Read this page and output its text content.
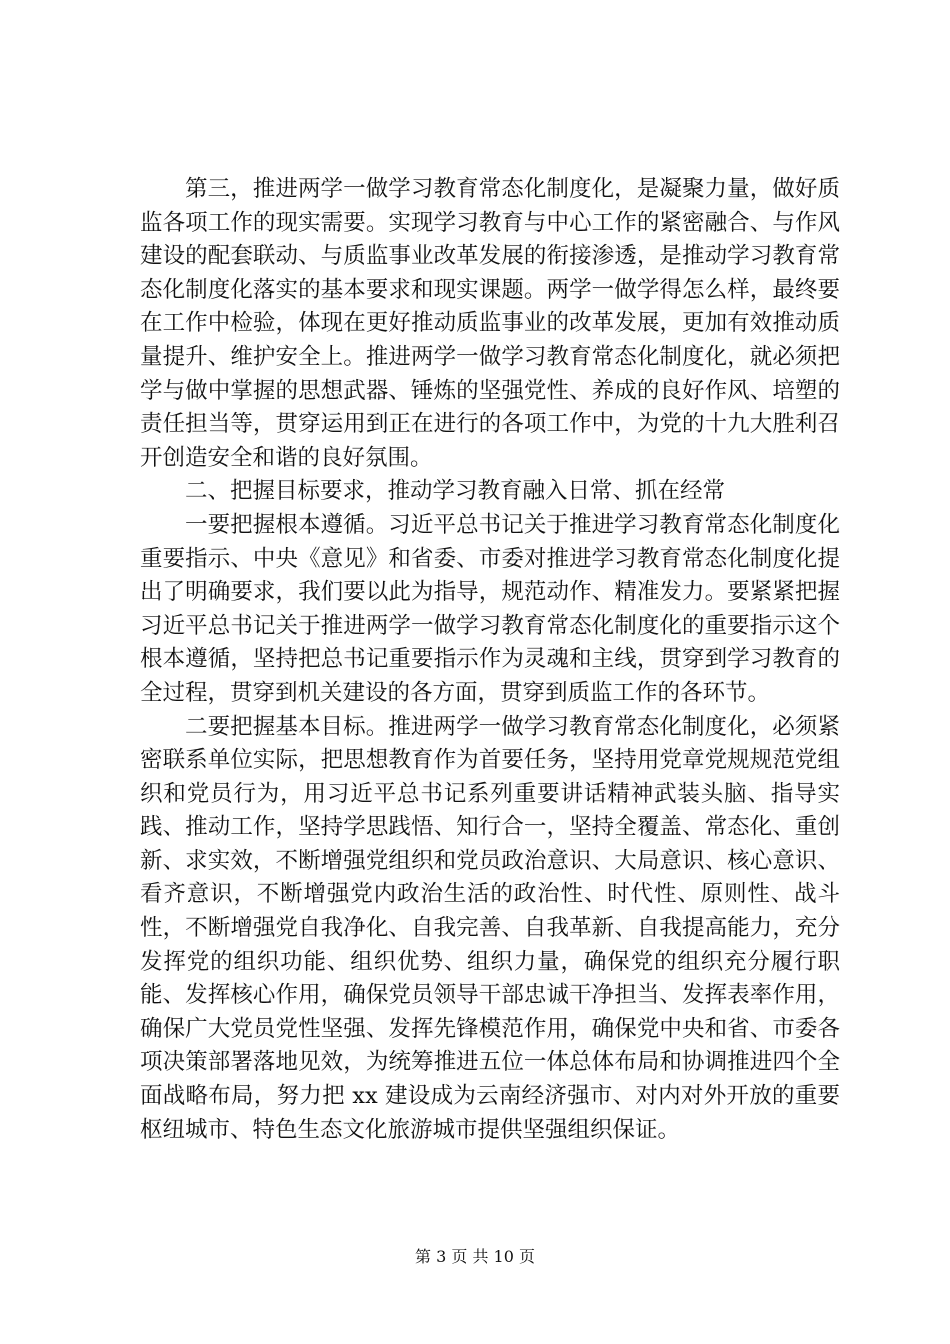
第三，推进两学一做学习教育常态化制度化，是凝聚力量，做好质监各项工作的现实需要。实现学习教育与中心工作的紧密融合、与作风建设的配套联动、与质监事业改革发展的衔接渗透，是推动学习教育常态化制度化落实的基本要求和现实课题。两学一做学得怎么样，最终要在工作中检验，体现在更好推动质监事业的改革发展，更加有效推动质量提升、维护安全上。推进两学一做学习教育常态化制度化，就必须把学与做中掌握的思想武器、锤炼的坚强党性、养成的良好作风、培塑的责任担当等，贯穿运用到正在进行的各项工作中，为党的十九大胜利召开创造安全和谐的良好氛围。

二、把握目标要求，推动学习教育融入日常、抓在经常

一要把握根本遵循。习近平总书记关于推进学习教育常态化制度化重要指示、中央《意见》和省委、市委对推进学习教育常态化制度化提出了明确要求，我们要以此为指导，规范动作、精准发力。要紧紧把握习近平总书记关于推进两学一做学习教育常态化制度化的重要指示这个根本遵循，坚持把总书记重要指示作为灵魂和主线，贯穿到学习教育的全过程，贯穿到机关建设的各方面，贯穿到质监工作的各环节。

二要把握基本目标。推进两学一做学习教育常态化制度化，必须紧密联系单位实际，把思想教育作为首要任务，坚持用党章党规规范党组织和党员行为，用习近平总书记系列重要讲话精神武装头脑、指导实践、推动工作，坚持学思践悟、知行合一，坚持全覆盖、常态化、重创新、求实效，不断增强党组织和党员政治意识、大局意识、核心意识、看齐意识，不断增强党内政治生活的政治性、时代性、原则性、战斗性，不断增强党自我净化、自我完善、自我革新、自我提高能力，充分发挥党的组织功能、组织优势、组织力量，确保党的组织充分履行职能、发挥核心作用，确保党员领导干部忠诚干净担当、发挥表率作用，确保广大党员党性坚强、发挥先锋模范作用，确保党中央和省、市委各项决策部署落地见效，为统筹推进五位一体总体布局和协调推进四个全面战略布局，努力把 xx 建设成为云南经济强市、对内对外开放的重要枢纽城市、特色生态文化旅游城市提供坚强组织保证。

第 3 页 共 10 页
